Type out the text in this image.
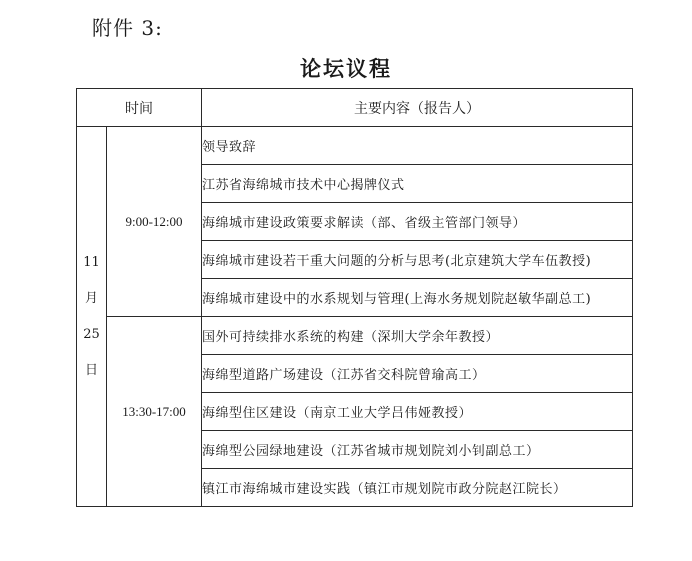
附件 3:
论坛议程
时间		主要内容（报告人）

11
月
25
日	9:00-12:00	领导致辞
		江苏省海绵城市技术中心揭牌仪式
		海绵城市建设政策要求解读（部、省级主管部门领导）
		海绵城市建设若干重大问题的分析与思考(北京建筑大学车伍教授)
		海绵城市建设中的水系规划与管理(上海水务规划院赵敏华副总工)
	13:30-17:00	国外可持续排水系统的构建（深圳大学余年教授）
		海绵型道路广场建设（江苏省交科院曾瑜高工）
		海绵型住区建设（南京工业大学吕伟娅教授）
		海绵型公园绿地建设（江苏省城市规划院刘小钊副总工）
		镇江市海绵城市建设实践（镇江市规划院市政分院赵江院长）
